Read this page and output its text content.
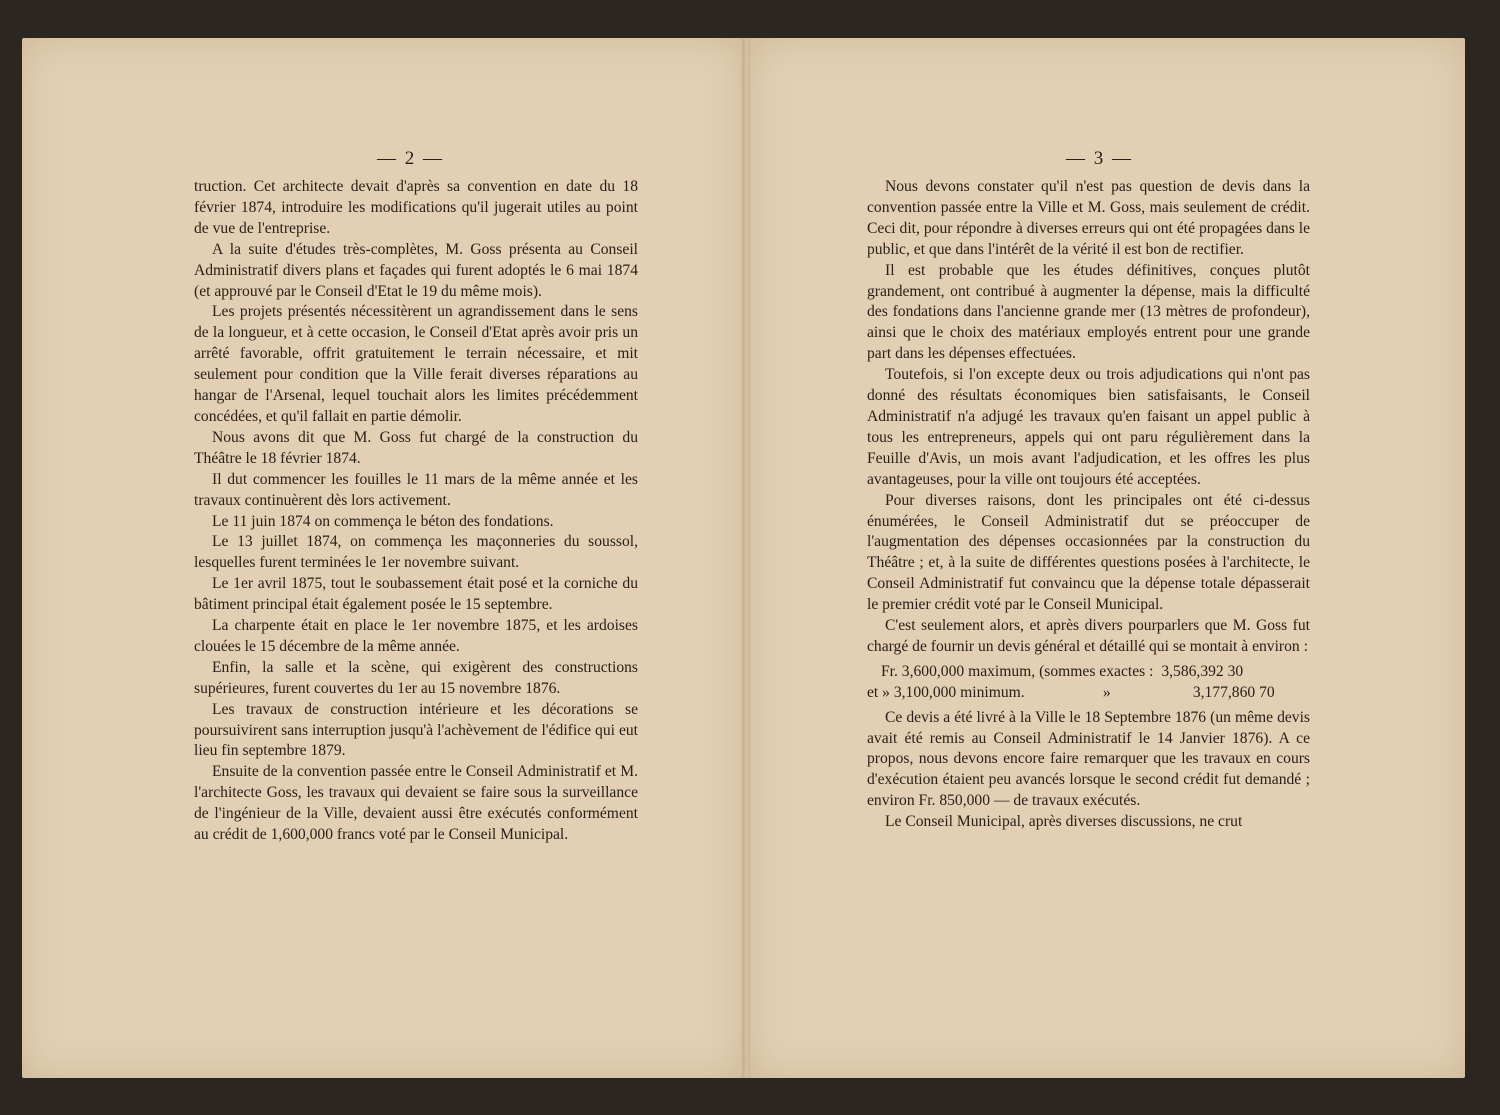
— 2 —

truction. Cet architecte devait d'après sa convention en date du 18 février 1874, introduire les modifications qu'il jugerait utiles au point de vue de l'entreprise.

A la suite d'études très-complètes, M. Goss présenta au Conseil Administratif divers plans et façades qui furent adoptés le 6 mai 1874 (et approuvé par le Conseil d'Etat le 19 du même mois).

Les projets présentés nécessitèrent un agrandissement dans le sens de la longueur, et à cette occasion, le Conseil d'Etat après avoir pris un arrêté favorable, offrit gratuitement le terrain nécessaire, et mit seulement pour condition que la Ville ferait diverses réparations au hangar de l'Arsenal, lequel touchait alors les limites précédemment concédées, et qu'il fallait en partie démolir.

Nous avons dit que M. Goss fut chargé de la construction du Théâtre le 18 février 1874.

Il dut commencer les fouilles le 11 mars de la même année et les travaux continuèrent dès lors activement.

Le 11 juin 1874 on commença le béton des fondations.

Le 13 juillet 1874, on commença les maçonneries du soussol, lesquelles furent terminées le 1er novembre suivant.

Le 1er avril 1875, tout le soubassement était posé et la corniche du bâtiment principal était également posée le 15 septembre.

La charpente était en place le 1er novembre 1875, et les ardoises clouées le 15 décembre de la même année.

Enfin, la salle et la scène, qui exigèrent des constructions supérieures, furent couvertes du 1er au 15 novembre 1876.

Les travaux de construction intérieure et les décorations se poursuivirent sans interruption jusqu'à l'achèvement de l'édifice qui eut lieu fin septembre 1879.

Ensuite de la convention passée entre le Conseil Administratif et M. l'architecte Goss, les travaux qui devaient se faire sous la surveillance de l'ingénieur de la Ville, devaient aussi être exécutés conformément au crédit de 1,600,000 francs voté par le Conseil Municipal.

— 3 —

Nous devons constater qu'il n'est pas question de devis dans la convention passée entre la Ville et M. Goss, mais seulement de crédit. Ceci dit, pour répondre à diverses erreurs qui ont été propagées dans le public, et que dans l'intérêt de la vérité il est bon de rectifier.

Il est probable que les études définitives, conçues plutôt grandement, ont contribué à augmenter la dépense, mais la difficulté des fondations dans l'ancienne grande mer (13 mètres de profondeur), ainsi que le choix des matériaux employés entrent pour une grande part dans les dépenses effectuées.

Toutefois, si l'on excepte deux ou trois adjudications qui n'ont pas donné des résultats économiques bien satisfaisants, le Conseil Administratif n'a adjugé les travaux qu'en faisant un appel public à tous les entrepreneurs, appels qui ont paru régulièrement dans la Feuille d'Avis, un mois avant l'adjudication, et les offres les plus avantageuses, pour la ville ont toujours été acceptées.

Pour diverses raisons, dont les principales ont été ci-dessus énumérées, le Conseil Administratif dut se préoccuper de l'augmentation des dépenses occasionnées par la construction du Théâtre ; et, à la suite de différentes questions posées à l'architecte, le Conseil Administratif fut convaincu que la dépense totale dépasserait le premier crédit voté par le Conseil Municipal.

C'est seulement alors, et après divers pourparlers que M. Goss fut chargé de fournir un devis général et détaillé qui se montait à environ :

Fr. 3,600,000 maximum, (sommes exactes : 3,586,392 30

et » 3,100,000 minimum.	»	3,177,860 70

Ce devis a été livré à la Ville le 18 Septembre 1876 (un même devis avait été remis au Conseil Administratif le 14 Janvier 1876). A ce propos, nous devons encore faire remarquer que les travaux en cours d'exécution étaient peu avancés lorsque le second crédit fut demandé ; environ Fr. 850,000 — de travaux exécutés.

Le Conseil Municipal, après diverses discussions, ne crut
